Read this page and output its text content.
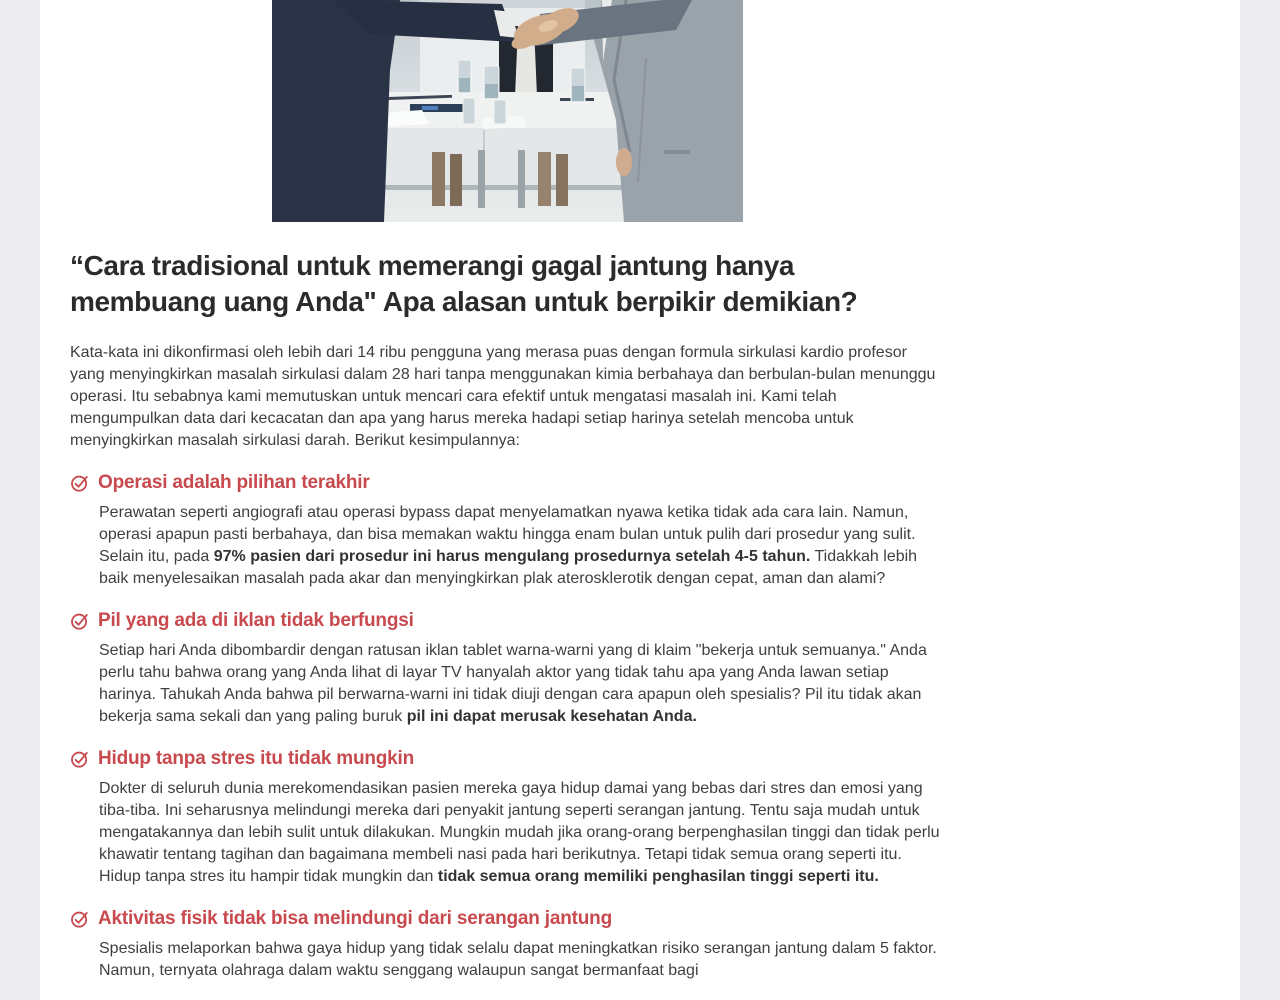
“Cara tradisional untuk memerangi gagal jantung hanya membuang uang Anda" Apa alasan untuk berpikir demikian?

Kata-kata ini dikonfirmasi oleh lebih dari 14 ribu pengguna yang merasa puas dengan formula sirkulasi kardio profesor yang menyingkirkan masalah sirkulasi dalam 28 hari tanpa menggunakan kimia berbahaya dan berbulan-bulan menunggu operasi. Itu sebabnya kami memutuskan untuk mencari cara efektif untuk mengatasi masalah ini. Kami telah mengumpulkan data dari kecacatan dan apa yang harus mereka hadapi setiap harinya setelah mencoba untuk menyingkirkan masalah sirkulasi darah. Berikut kesimpulannya:

Operasi adalah pilihan terakhir

Perawatan seperti angiografi atau operasi bypass dapat menyelamatkan nyawa ketika tidak ada cara lain. Namun, operasi apapun pasti berbahaya, dan bisa memakan waktu hingga enam bulan untuk pulih dari prosedur yang sulit. Selain itu, pada 97% pasien dari prosedur ini harus mengulang prosedurnya setelah 4-5 tahun. Tidakkah lebih baik menyelesaikan masalah pada akar dan menyingkirkan plak aterosklerotik dengan cepat, aman dan alami?

Pil yang ada di iklan tidak berfungsi

Setiap hari Anda dibombardir dengan ratusan iklan tablet warna-warni yang di klaim "bekerja untuk semuanya." Anda perlu tahu bahwa orang yang Anda lihat di layar TV hanyalah aktor yang tidak tahu apa yang Anda lawan setiap harinya. Tahukah Anda bahwa pil berwarna-warni ini tidak diuji dengan cara apapun oleh spesialis? Pil itu tidak akan bekerja sama sekali dan yang paling buruk pil ini dapat merusak kesehatan Anda.

Hidup tanpa stres itu tidak mungkin

Dokter di seluruh dunia merekomendasikan pasien mereka gaya hidup damai yang bebas dari stres dan emosi yang tiba-tiba. Ini seharusnya melindungi mereka dari penyakit jantung seperti serangan jantung. Tentu saja mudah untuk mengatakannya dan lebih sulit untuk dilakukan. Mungkin mudah jika orang-orang berpenghasilan tinggi dan tidak perlu khawatir tentang tagihan dan bagaimana membeli nasi pada hari berikutnya. Tetapi tidak semua orang seperti itu. Hidup tanpa stres itu hampir tidak mungkin dan tidak semua orang memiliki penghasilan tinggi seperti itu.

Aktivitas fisik tidak bisa melindungi dari serangan jantung

Spesialis melaporkan bahwa gaya hidup yang tidak selalu dapat meningkatkan risiko serangan jantung dalam 5 faktor. Namun, ternyata olahraga dalam waktu senggang walaupun sangat bermanfaat bagi
